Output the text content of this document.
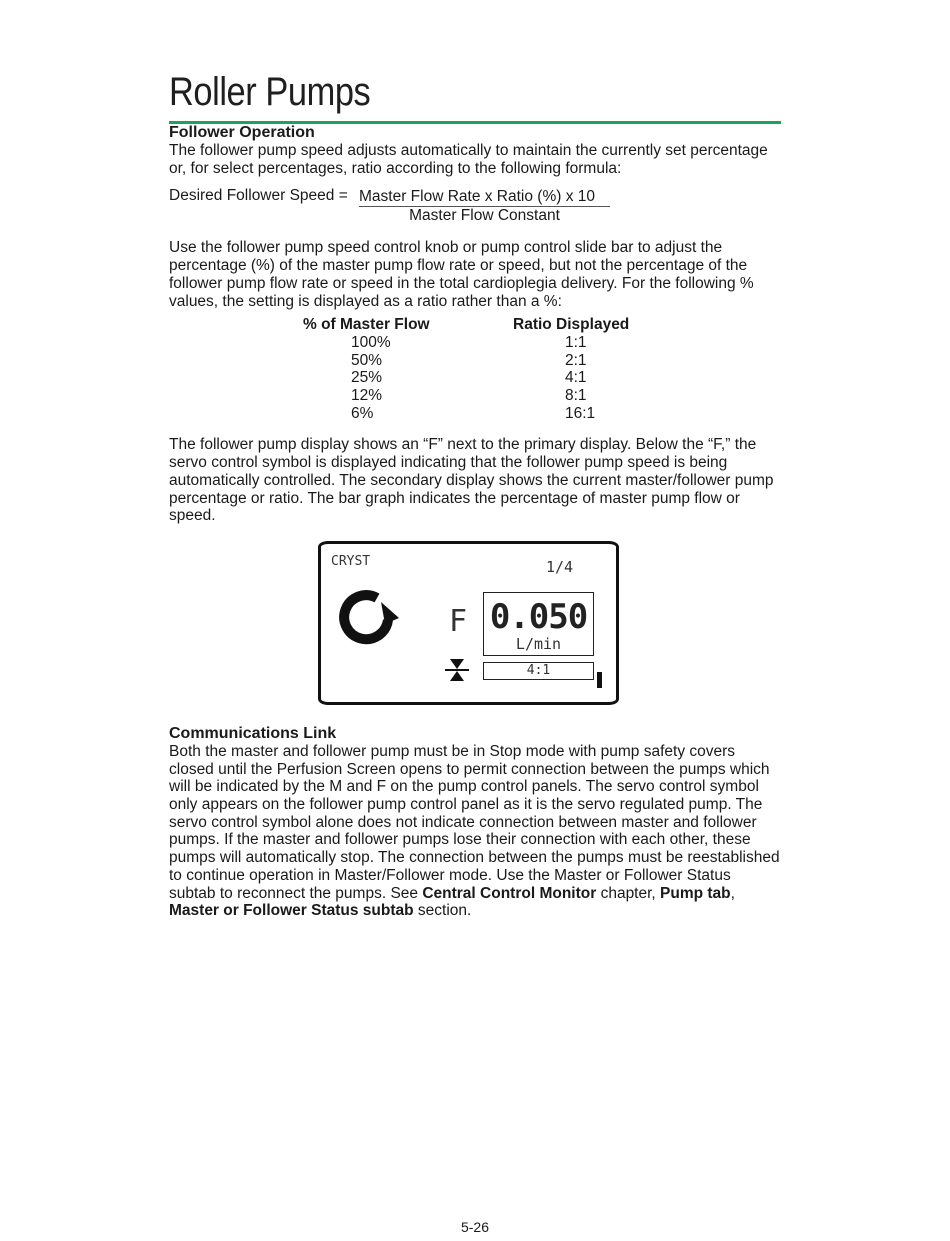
Roller Pumps
Follower Operation

The follower pump speed adjusts automatically to maintain the currently set percentage or, for select percentages, ratio according to the following formula:

Desired Follower Speed = Master Flow Rate x Ratio (%) x 10
Master Flow Constant

Use the follower pump speed control knob or pump control slide bar to adjust the percentage (%) of the master pump flow rate or speed, but not the percentage of the follower pump flow rate or speed in the total cardioplegia delivery. For the following % values, the setting is displayed as a ratio rather than a %:

% of Master Flow	Ratio Displayed
100%	1:1
50%	2:1
25%	4:1
12%	8:1
6%	16:1

The follower pump display shows an “F” next to the primary display. Below the “F,” the servo control symbol is displayed indicating that the follower pump speed is being automatically controlled. The secondary display shows the current master/follower pump percentage or ratio. The bar graph indicates the percentage of master pump flow or speed.

CRYST	1/4
F 0.050
L/min
4:1
Communications Link

Both the master and follower pump must be in Stop mode with pump safety covers closed until the Perfusion Screen opens to permit connection between the pumps which will be indicated by the M and F on the pump control panels. The servo control symbol only appears on the follower pump control panel as it is the servo regulated pump. The servo control symbol alone does not indicate connection between master and follower pumps. If the master and follower pumps lose their connection with each other, these pumps will automatically stop. The connection between the pumps must be reestablished to continue operation in Master/Follower mode. Use the Master or Follower Status subtab to reconnect the pumps. See Central Control Monitor chapter, Pump tab, Master or Follower Status subtab section.

5-26
